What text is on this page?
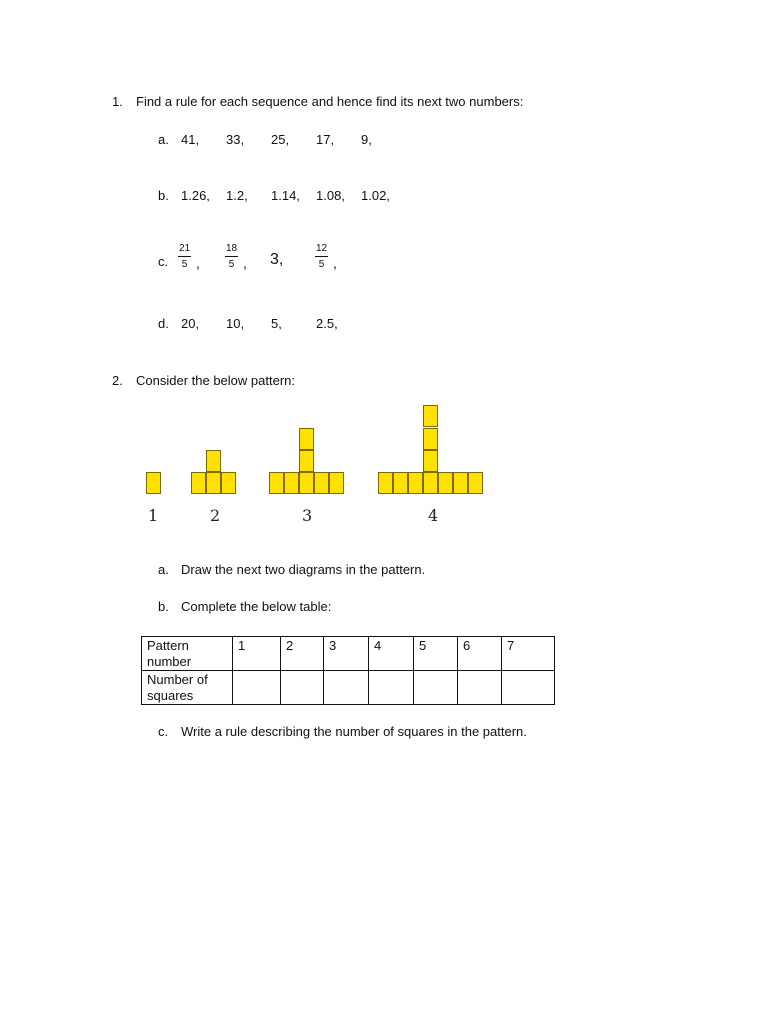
1. Find a rule for each sequence and hence find its next two numbers:
a. 41, 33, 25, 17, 9,
b. 1.26, 1.2, 1.14, 1.08, 1.02,
c. $\frac{21}{5}$ ,	$\frac{18}{5}$ , 3,	$\frac{12}{5}$ ,
d. 20, 10, 5,	2.5,
2. Consider the below pattern:
1	2	3	4
a. Draw the next two diagrams in the pattern.
b. Complete the below table:
Pattern
number	1	2	3	4	5	6	7

Number of
squares							

c. Write a rule describing the number of squares in the pattern.
